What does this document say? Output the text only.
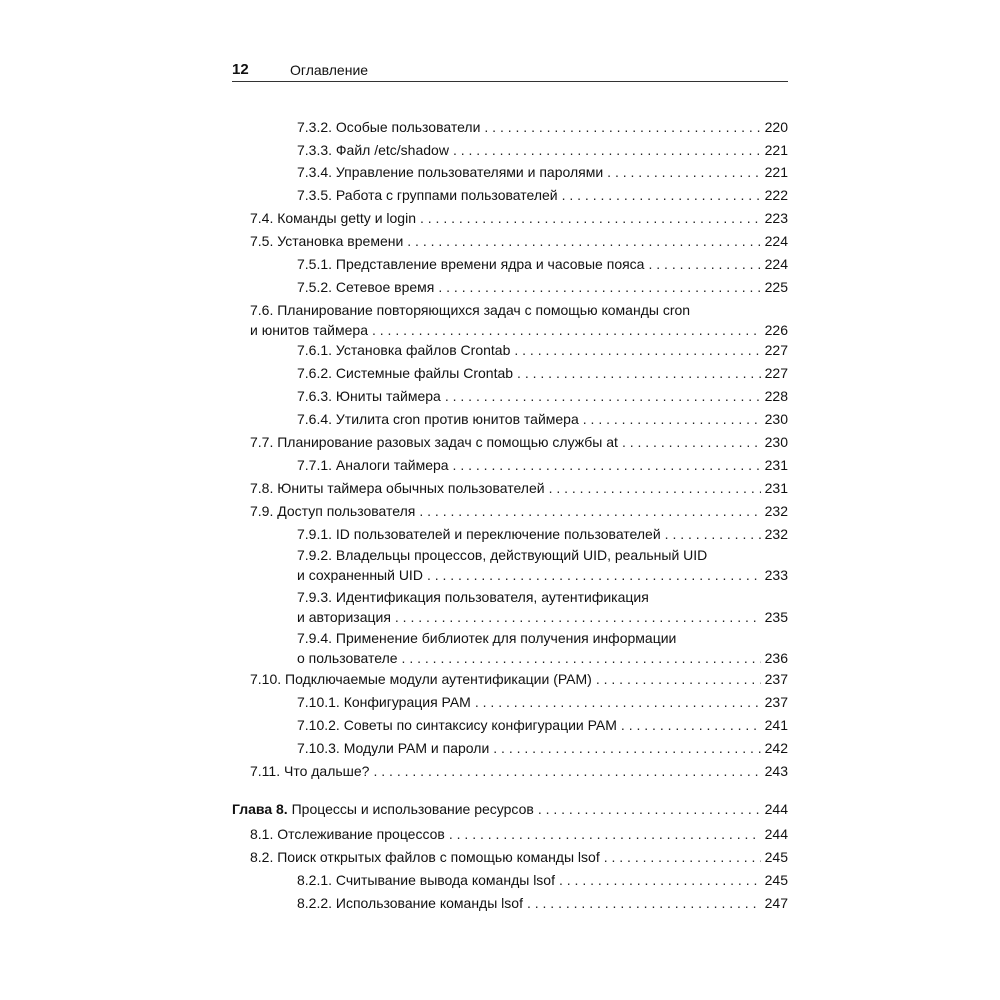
12	Оглавление
7.3.2. Особые пользователи . . .	220
7.3.3. Файл /etc/shadow . . .	221
7.3.4. Управление пользователями и паролями . . .	221
7.3.5. Работа с группами пользователей . . .	222
7.4. Команды getty и login . . .	223
7.5. Установка времени . . .	224
7.5.1. Представление времени ядра и часовые пояса . . .	224
7.5.2. Сетевое время . . .	225
7.6. Планирование повторяющихся задач с помощью команды cron
и юнитов таймера . . .	226
7.6.1. Установка файлов Crontab . . .	227
7.6.2. Системные файлы Crontab . . .	227
7.6.3. Юниты таймера . . .	228
7.6.4. Утилита cron против юнитов таймера . . .	230
7.7. Планирование разовых задач с помощью службы at . . .	230
7.7.1. Аналоги таймера . . .	231
7.8. Юниты таймера обычных пользователей . . .	231
7.9. Доступ пользователя . . .	232
7.9.1. ID пользователей и переключение пользователей . . .	232
7.9.2. Владельцы процессов, действующий UID, реальный UID
и сохраненный UID . . .	233
7.9.3. Идентификация пользователя, аутентификация
и авторизация . . .	235
7.9.4. Применение библиотек для получения информации
о пользователе . . .	236
7.10. Подключаемые модули аутентификации (PAM) . . .	237
7.10.1. Конфигурация PAM . . .	237
7.10.2. Советы по синтаксису конфигурации PAM . . .	241
7.10.3. Модули PAM и пароли . . .	242
7.11. Что дальше? . . .	243
Глава 8. Процессы и использование ресурсов . . .	244
8.1. Отслеживание процессов . . .	244
8.2. Поиск открытых файлов с помощью команды lsof . . .	245
8.2.1. Считывание вывода команды lsof . . .	245
8.2.2. Использование команды lsof . . .	247
